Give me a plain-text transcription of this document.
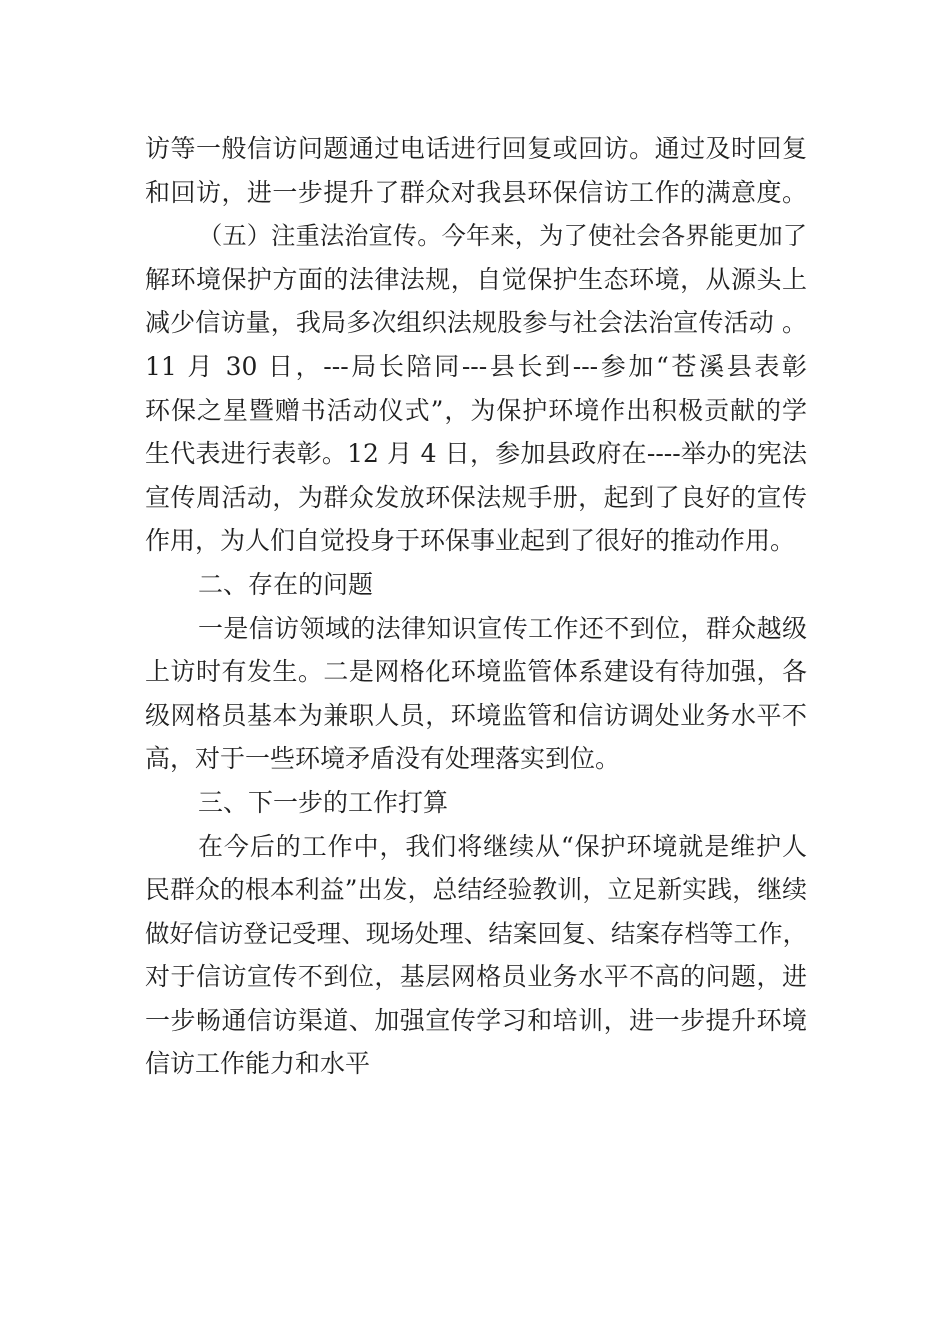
访等一般信访问题通过电话进行回复或回访。通过及时回复
和回访，进一步提升了群众对我县环保信访工作的满意度。
（五）注重法治宣传。今年来，为了使社会各界能更加了
解环境保护方面的法律法规，自觉保护生态环境，从源头上
减少信访量，我局多次组织法规股参与社会法治宣传活动 。
11 月 30 日，---局长陪同---县长到---参加“苍溪县表彰
环保之星暨赠书活动仪式”，为保护环境作出积极贡献的学
生代表进行表彰。12 月 4 日，参加县政府在----举办的宪法
宣传周活动，为群众发放环保法规手册，起到了良好的宣传
作用，为人们自觉投身于环保事业起到了很好的推动作用。
二、存在的问题
一是信访领域的法律知识宣传工作还不到位，群众越级
上访时有发生。二是网格化环境监管体系建设有待加强，各
级网格员基本为兼职人员，环境监管和信访调处业务水平不
高，对于一些环境矛盾没有处理落实到位。
三、下一步的工作打算
在今后的工作中，我们将继续从“保护环境就是维护人
民群众的根本利益”出发，总结经验教训，立足新实践，继续
做好信访登记受理、现场处理、结案回复、结案存档等工作，
对于信访宣传不到位，基层网格员业务水平不高的问题，进
一步畅通信访渠道、加强宣传学习和培训，进一步提升环境
信访工作能力和水平
